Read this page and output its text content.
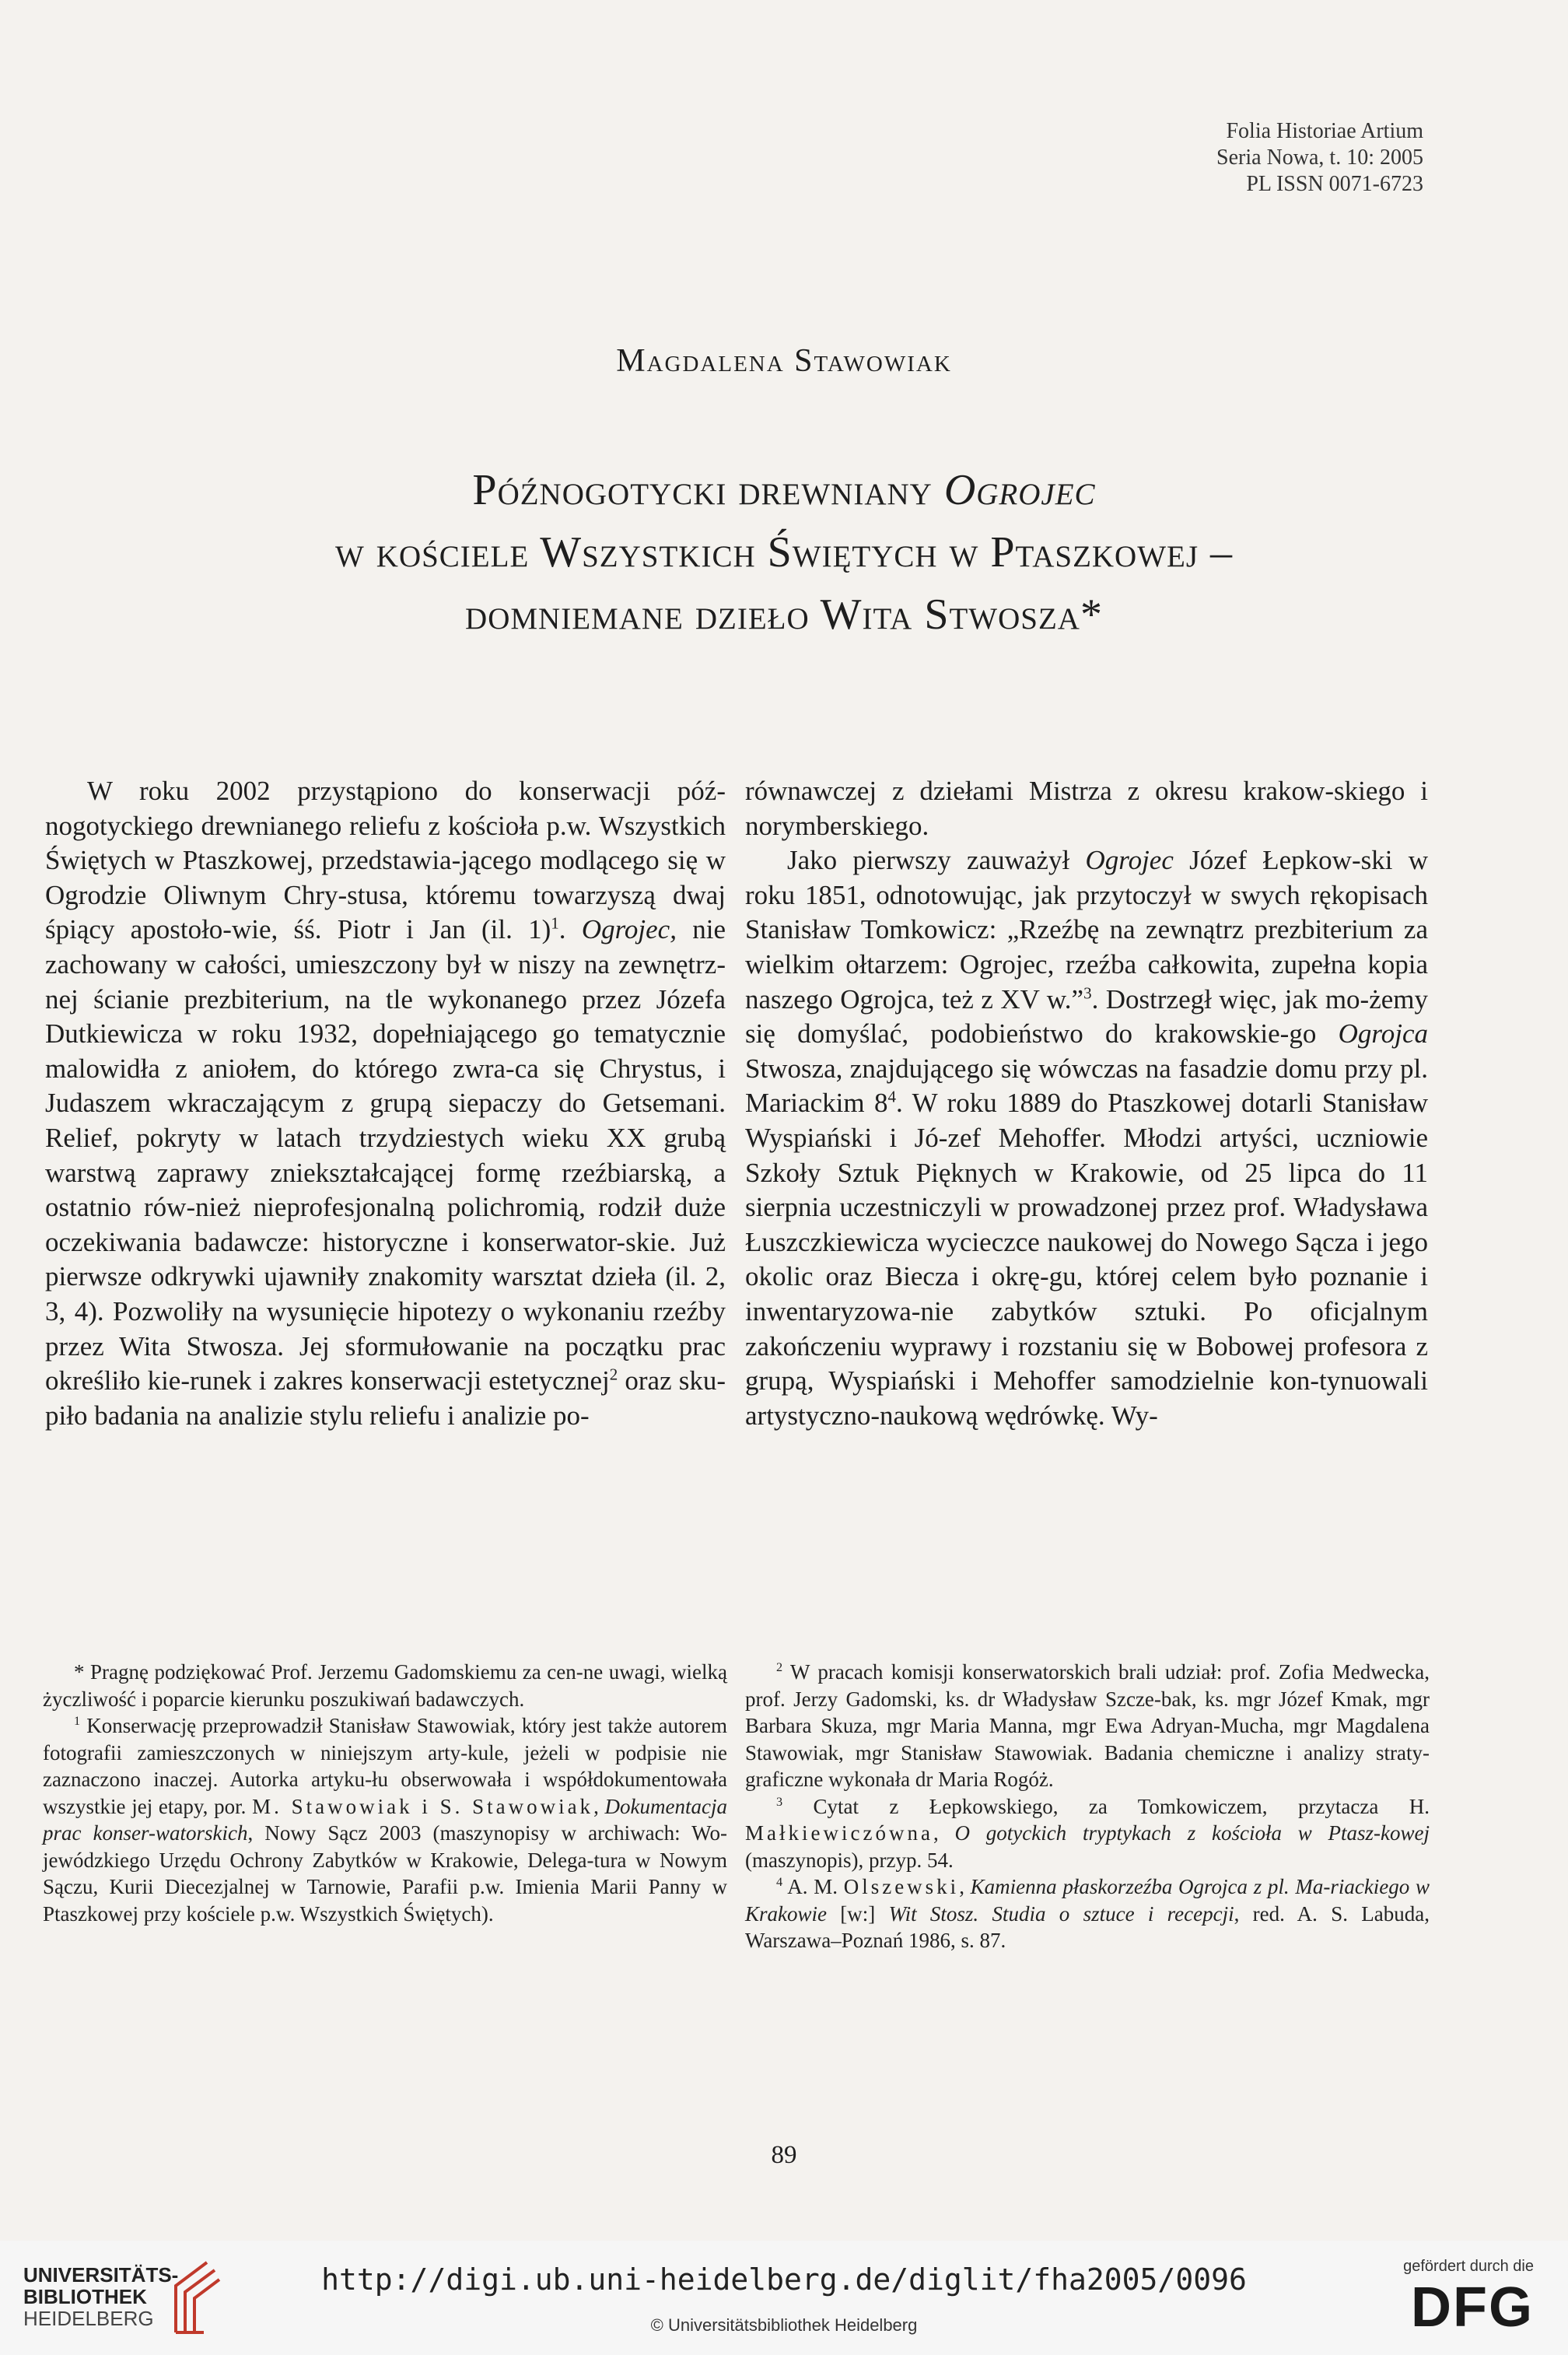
Folia Historiae Artium
Seria Nowa, t. 10: 2005
PL ISSN 0071-6723
Magdalena Stawowiak
Późnogotycki drewniany Ogrojec
w kościele Wszystkich Świętych w Ptaszkowej –
domniemane dzieło Wita Stwosza*

W roku 2002 przystąpiono do konserwacji póź-nogotyckiego drewnianego reliefu z kościoła p.w. Wszystkich Świętych w Ptaszkowej, przedstawia-jącego modlącego się w Ogrodzie Oliwnym Chry-stusa, któremu towarzyszą dwaj śpiący apostoło-wie, śś. Piotr i Jan (il. 1)$^1$. Ogrojec, nie zachowany w całości, umieszczony był w niszy na zewnętrz-nej ścianie prezbiterium, na tle wykonanego przez Józefa Dutkiewicza w roku 1932, dopełniającego go tematycznie malowidła z aniołem, do którego zwra-ca się Chrystus, i Judaszem wkraczającym z grupą siepaczy do Getsemani. Relief, pokryty w latach trzydziestych wieku XX grubą warstwą zaprawy zniekształcającej formę rzeźbiarską, a ostatnio rów-nież nieprofesjonalną polichromią, rodził duże oczekiwania badawcze: historyczne i konserwator-skie. Już pierwsze odkrywki ujawniły znakomity warsztat dzieła (il. 2, 3, 4). Pozwoliły na wysunięcie hipotezy o wykonaniu rzeźby przez Wita Stwosza. Jej sformułowanie na początku prac określiło kie-runek i zakres konserwacji estetycznej$^2$ oraz sku-piło badania na analizie stylu reliefu i analizie po-

równawczej z dziełami Mistrza z okresu krakow-skiego i norymberskiego.

Jako pierwszy zauważył Ogrojec Józef Łepkow-ski w roku 1851, odnotowując, jak przytoczył w swych rękopisach Stanisław Tomkowicz: „Rzeźbę na zewnątrz prezbiterium za wielkim ołtarzem: Ogrojec, rzeźba całkowita, zupełna kopia naszego Ogrojca, też z XV w.”$^3$. Dostrzegł więc, jak mo-żemy się domyślać, podobieństwo do krakowskie-go Ogrojca Stwosza, znajdującego się wówczas na fasadzie domu przy pl. Mariackim $8^4$. W roku 1889 do Ptaszkowej dotarli Stanisław Wyspiański i Jó-zef Mehoffer. Młodzi artyści, uczniowie Szkoły Sztuk Pięknych w Krakowie, od 25 lipca do 11 sierpnia uczestniczyli w prowadzonej przez prof. Władysława Łuszczkiewicza wycieczce naukowej do Nowego Sącza i jego okolic oraz Biecza i okrę-gu, której celem było poznanie i inwentaryzowa-nie zabytków sztuki. Po oficjalnym zakończeniu wyprawy i rozstaniu się w Bobowej profesora z grupą, Wyspiański i Mehoffer samodzielnie kon-tynuowali artystyczno-naukową wędrówkę. Wy-

* Pragnę podziękować Prof. Jerzemu Gadomskiemu za cen-ne uwagi, wielką życzliwość i poparcie kierunku poszukiwań badawczych.

$^1$ Konserwację przeprowadził Stanisław Stawowiak, który jest także autorem fotografii zamieszczonych w niniejszym arty-kule, jeżeli w podpisie nie zaznaczono inaczej. Autorka artyku-łu obserwowała i współdokumentowała wszystkie jej etapy, por. M. Stawowiak i S. Stawowiak, Dokumentacja prac konser-watorskich, Nowy Sącz 2003 (maszynopisy w archiwach: Wo-jewódzkiego Urzędu Ochrony Zabytków w Krakowie, Delega-tura w Nowym Sączu, Kurii Diecezjalnej w Tarnowie, Parafii p.w. Imienia Marii Panny w Ptaszkowej przy kościele p.w. Wszystkich Świętych).

$^2$ W pracach komisji konserwatorskich brali udział: prof. Zofia Medwecka, prof. Jerzy Gadomski, ks. dr Władysław Szcze-bak, ks. mgr Józef Kmak, mgr Barbara Skuza, mgr Maria Manna, mgr Ewa Adryan-Mucha, mgr Magdalena Stawowiak, mgr Stanisław Stawowiak. Badania chemiczne i analizy straty-graficzne wykonała dr Maria Rogóż.

$^3$ Cytat z Łepkowskiego, za Tomkowiczem, przytacza H. Małkiewiczówna, O gotyckich tryptykach z kościoła w Ptasz-kowej (maszynopis), przyp. 54.

$^4$ A. M. Olszewski, Kamienna płaskorzeźba Ogrojca z pl. Ma-riackiego w Krakowie [w:] Wit Stosz. Studia o sztuce i recepcji, red. A. S. Labuda, Warszawa–Poznań 1986, s. 87.

89
UNIVERSITÄTS-
BIBLIOTHEK
HEIDELBERG
http://digi.ub.uni-heidelberg.de/diglit/fha2005/0096
© Universitätsbibliothek Heidelberg
gefördert durch die
DFG
